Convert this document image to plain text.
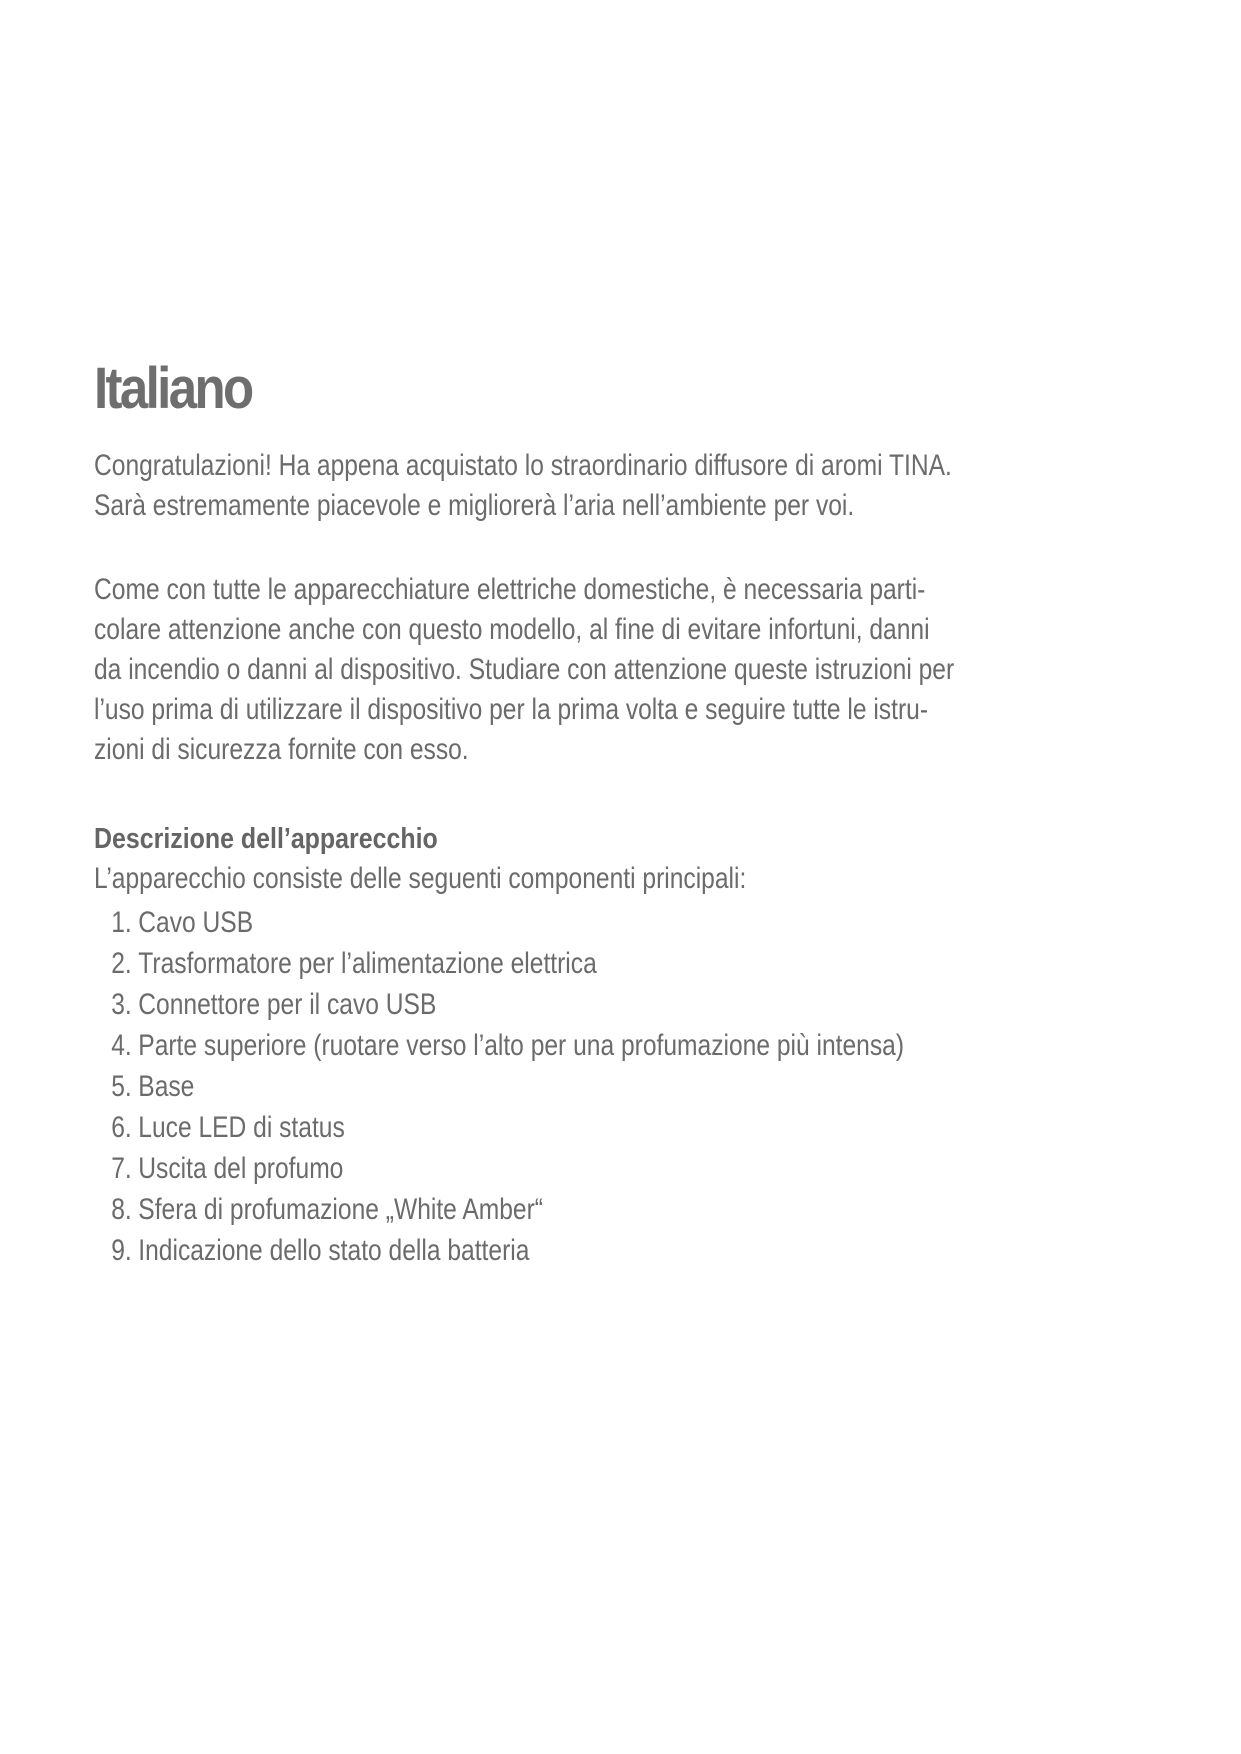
Italiano
Congratulazioni! Ha appena acquistato lo straordinario diffusore di aromi TINA.
Sarà estremamente piacevole e migliorerà l’aria nell’ambiente per voi.
Come con tutte le apparecchiature elettriche domestiche, è necessaria parti-
colare attenzione anche con questo modello, al fine di evitare infortuni, danni
da incendio o danni al dispositivo. Studiare con attenzione queste istruzioni per
l’uso prima di utilizzare il dispositivo per la prima volta e seguire tutte le istru-
zioni di sicurezza fornite con esso.
Descrizione dell’apparecchio
L’apparecchio consiste delle seguenti componenti principali:
1. Cavo USB
2. Trasformatore per l’alimentazione elettrica
3. Connettore per il cavo USB
4. Parte superiore (ruotare verso l’alto per una profumazione più intensa)
5. Base
6. Luce LED di status
7. Uscita del profumo
8. Sfera di profumazione „White Amber“
9. Indicazione dello stato della batteria
